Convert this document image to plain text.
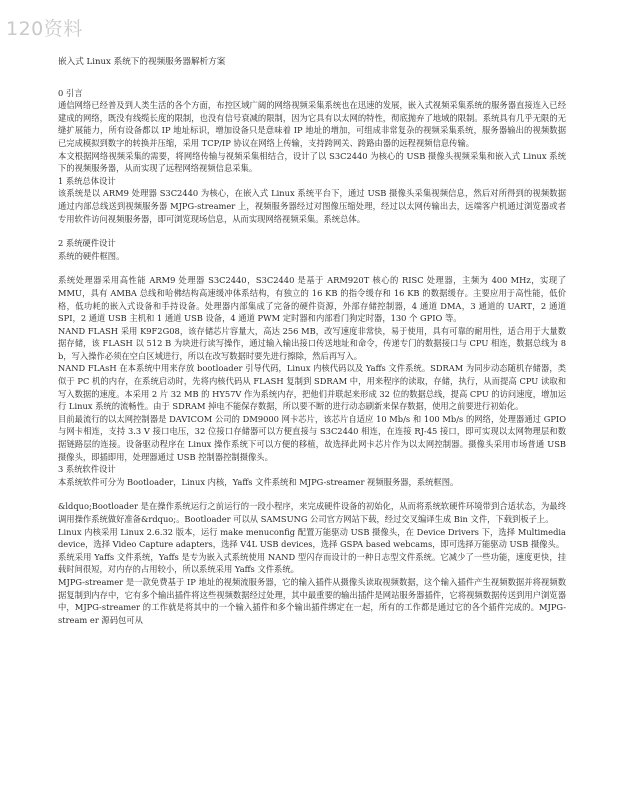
120资料
嵌入式 Linux 系统下的视频服务器解析方案
0 引言

通信网络已经普及到人类生活的各个方面，布控区域广阔的网络视频采集系统也在迅速的发展，嵌入式视频采集系统的服务器直接连入已经建成的网络，既没有线缆长度的限制，也没有信号衰减的限制，因为它具有以太网的特性，彻底抛弃了地域的限制。系统具有几乎无限的无缝扩展能力，所有设备都以 IP 地址标识，增加设备只是意味着 IP 地址的增加，可组成非常复杂的视频采集系统，服务器输出的视频数据已完成模拟到数字的转换并压缩，采用 TCP/IP 协议在网络上传输，支持跨网关、跨路由器的远程视频信息传输。

本文根据网络视频采集的需要，将网络传输与视频采集相结合，设计了以 S3C2440 为核心的 USB 摄像头视频采集和嵌入式 Linux 系统下的视频服务器，从而实现了远程网络视频信息采集。

1 系统总体设计

该系统是以 ARM9 处理器 S3C2440 为核心，在嵌入式 Linux 系统平台下，通过 USB 摄像头采集视频信息，然后对所得到的视频数据通过内部总线送到视频服务器 MJPG-streamer 上，视频服务器经过对图像压缩处理，经过以太网传输出去，远端客户机通过浏览器或者专用软件访问视频服务器，即可浏览现场信息，从而实现网络视频采集。系统总体。

2 系统硬件设计

系统的硬件框图。

系统处理器采用高性能 ARM9 处理器 S3C2440，S3C2440 是基于 ARM920T 核心的 RISC 处理器，主频为 400 MHz，实现了 MMU，具有 AMBA 总线和哈佛结构高速缓冲体系结构，有独立的 16 KB 的指令缓存和 16 KB 的数据缓存。主要应用于高性能，低价格，低功耗的嵌入式设备和手持设备。处理器内部集成了完备的硬件资源，外部存储控制器，4 通道 DMA，3 通道的 UART，2 通道 SPI，2 通道 USB 主机和 1 通道 USB 设备，4 通道 PWM 定时器和内部看门狗定时器，130 个 GPIO 等。

NAND FLASH 采用 K9F2G08，该存储芯片容量大，高达 256 MB，改写速度非常快，易于使用，具有可靠的耐用性，适合用于大量数据存储，该 FLASH 以 512 B 为块进行读写操作，通过输入输出接口传送地址和命令，传递专门的数据接口与 CPU 相连，数据总线为 8 b，写入操作必须在空白区域进行，所以在改写数据时要先进行擦除，然后再写入。

NAND FLAsH 在本系统中用来存放 bootloader 引导代码，Linux 内核代码以及 Yaffs 文件系统。SDRAM 为同步动态随机存储器，类似于 PC 机的内存，在系统启动时，先将内核代码从 FLASH 复制到 SDRAM 中，用来程序的读取，存储，执行，从而提高 CPU 读取和写入数据的速度。本采用 2 片 32 MB 的 HY57V 作为系统内存，把他们并联起来形成 32 位的数据总线，提高 CPU 的访问速度，增加运行 Linux 系统的流畅性。由于 SDRAM 掉电不能保存数据，所以要不断的进行动态刷新来保存数据，使用之前要进行初始化。

目前最流行的以太网控制器是 DAVICOM 公司的 DM9000 网卡芯片，该芯片自适应 10 Mb/s 和 100 Mb/s 的网络，处理器通过 GPIO 与网卡相连，支持 3.3 V 接口电压，32 位接口存储器可以方便直接与 S3C2440 相连，在连接 RJ-45 接口，即可实现以太网物理层和数据链路层的连接。设备驱动程序在 Linux 操作系统下可以方便的移植，故选择此网卡芯片作为以太网控制器。摄像头采用市场普通 USB 摄像头，即插即用，处理器通过 USB 控制器控制摄像头。

3 系统软件设计

本系统软件可分为 Bootloader，Linux 内核，Yaffs 文件系统和 MJPG-streamer 视频服务器，系统框图。

&ldquo;Bootloader 是在操作系统运行之前运行的一段小程序，来完成硬件设备的初始化，从而将系统软硬件环境带到合适状态，为最终调用操作系统做好准备&rdquo;。Bootloader 可以从 SAMSUNG 公司官方网站下载，经过交叉编译生成 Bin 文件，下载到板子上。

Linux 内核采用 Linux 2.6.32 版本，运行 make menuconfig 配置万能驱动 USB 摄像头，在 Device Drivers 下，选择 Multimedia device，选择 Video Capture adapters，选择 V4L USB devices，选择 GSPA based webcams，即可选择万能驱动 USB 摄像头。

系统采用 Yaffs 文件系统，Yaffs 是专为嵌入式系统使用 NAND 型闪存而设计的一种日志型文件系统。它减少了一些功能，速度更快，挂载时间很短，对内存的占用较小，所以系统采用 Yaffs 文件系统。

MJPG-streamer 是一款免费基于 IP 地址的视频流服务器，它的输入插件从摄像头读取视频数据，这个输入插件产生视频数据并将视频数据复制到内存中，它有多个输出插件将这些视频数据经过处理，其中最重要的输出插件是网站服务器插件，它将视频数据传送到用户浏览器中，MJPG-streamer 的工作就是将其中的一个输入插件和多个输出插件绑定在一起，所有的工作都是通过它的各个插件完成的。MJPG-stream er 源码包可从
